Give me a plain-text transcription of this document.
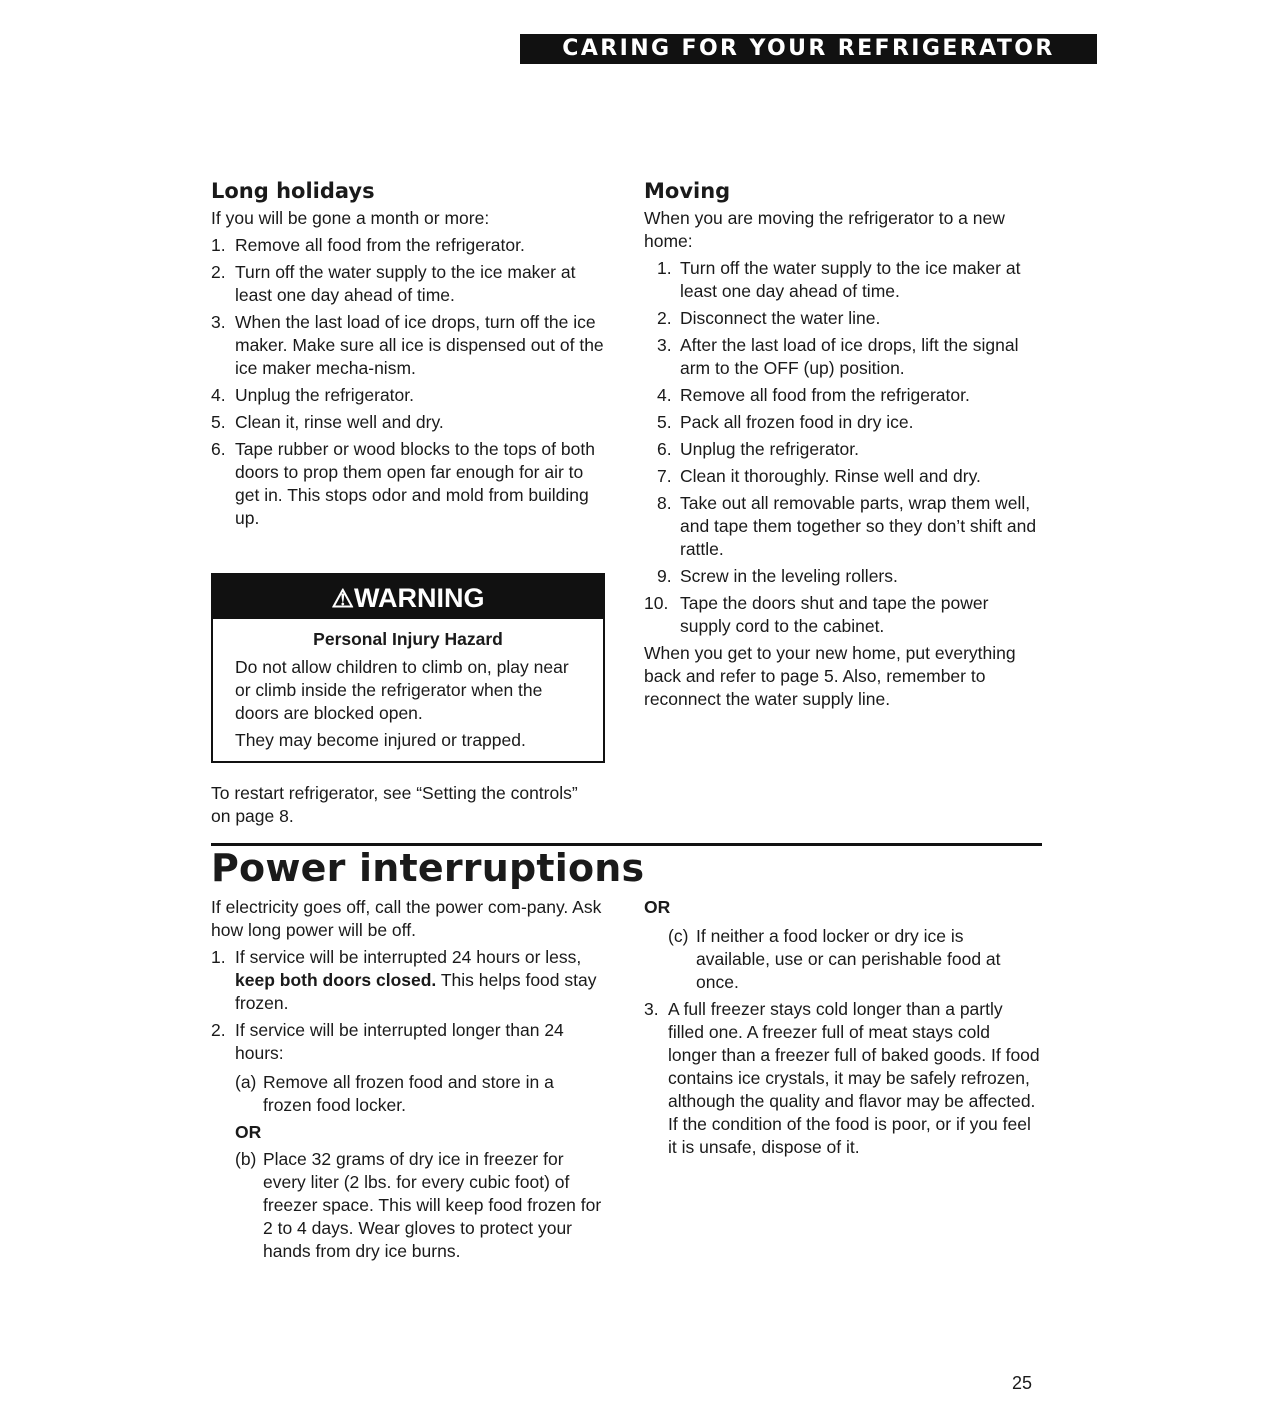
CARING FOR YOUR REFRIGERATOR
Long holidays

If you will be gone a month or more:

1. Remove all food from the refrigerator.
2. Turn off the water supply to the ice maker at least one day ahead of time.
3. When the last load of ice drops, turn off the ice maker. Make sure all ice is dispensed out of the ice maker mecha-nism.
4. Unplug the refrigerator.
5. Clean it, rinse well and dry.
6. Tape rubber or wood blocks to the tops of both doors to prop them open far enough for air to get in. This stops odor and mold from building up.
⚠WARNING
Personal Injury Hazard

Do not allow children to climb on, play near or climb inside the refrigerator when the doors are blocked open.

They may become injured or trapped.

To restart refrigerator, see “Setting the controls” on page 8.

Moving

When you are moving the refrigerator to a new home:

1. Turn off the water supply to the ice maker at least one day ahead of time.
2. Disconnect the water line.
3. After the last load of ice drops, lift the signal arm to the OFF (up) position.
4. Remove all food from the refrigerator.
5. Pack all frozen food in dry ice.
6. Unplug the refrigerator.
7. Clean it thoroughly. Rinse well and dry.
8. Take out all removable parts, wrap them well, and tape them together so they don’t shift and rattle.
9. Screw in the leveling rollers.
10. Tape the doors shut and tape the power supply cord to the cabinet.

When you get to your new home, put everything back and refer to page 5. Also, remember to reconnect the water supply line.

Power interruptions

If electricity goes off, call the power com-pany. Ask how long power will be off.

1. If service will be interrupted 24 hours or less, keep both doors closed. This helps food stay frozen.
2. If service will be interrupted longer than 24 hours:
(a) Remove all frozen food and store in a frozen food locker.
OR
(b) Place 32 grams of dry ice in freezer for every liter (2 lbs. for every cubic foot) of freezer space. This will keep food frozen for 2 to 4 days. Wear gloves to protect your hands from dry ice burns.

OR

(c) If neither a food locker or dry ice is available, use or can perishable food at once.
3. A full freezer stays cold longer than a partly filled one. A freezer full of meat stays cold longer than a freezer full of baked goods. If food contains ice crystals, it may be safely refrozen, although the quality and flavor may be affected. If the condition of the food is poor, or if you feel it is unsafe, dispose of it.
25
